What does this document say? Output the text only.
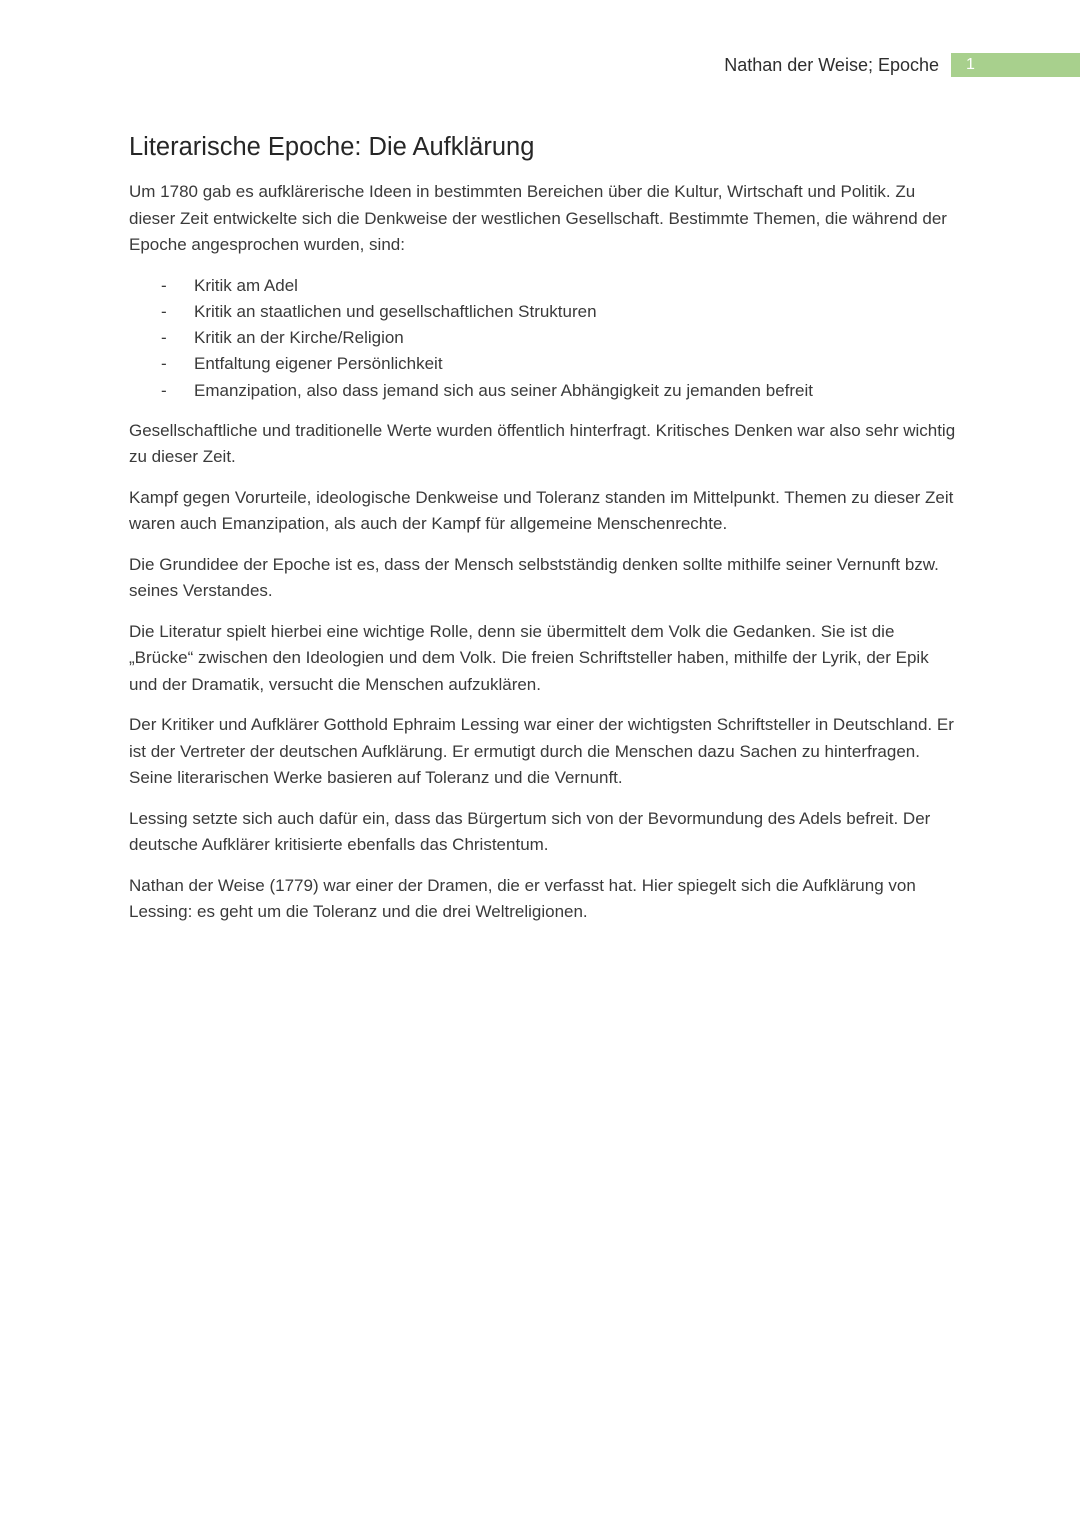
Nathan der Weise; Epoche	1
Literarische Epoche: Die Aufklärung

Um 1780 gab es aufklärerische Ideen in bestimmten Bereichen über die Kultur, Wirtschaft und Politik. Zu dieser Zeit entwickelte sich die Denkweise der westlichen Gesellschaft. Bestimmte Themen, die während der Epoche angesprochen wurden, sind:

- Kritik am Adel
- Kritik an staatlichen und gesellschaftlichen Strukturen
- Kritik an der Kirche/Religion
- Entfaltung eigener Persönlichkeit
- Emanzipation, also dass jemand sich aus seiner Abhängigkeit zu jemanden befreit

Gesellschaftliche und traditionelle Werte wurden öffentlich hinterfragt. Kritisches Denken war also sehr wichtig zu dieser Zeit.

Kampf gegen Vorurteile, ideologische Denkweise und Toleranz standen im Mittelpunkt. Themen zu dieser Zeit waren auch Emanzipation, als auch der Kampf für allgemeine Menschenrechte.

Die Grundidee der Epoche ist es, dass der Mensch selbstständig denken sollte mithilfe seiner Vernunft bzw. seines Verstandes.

Die Literatur spielt hierbei eine wichtige Rolle, denn sie übermittelt dem Volk die Gedanken. Sie ist die „Brücke“ zwischen den Ideologien und dem Volk. Die freien Schriftsteller haben, mithilfe der Lyrik, der Epik und der Dramatik, versucht die Menschen aufzuklären.

Der Kritiker und Aufklärer Gotthold Ephraim Lessing war einer der wichtigsten Schriftsteller in Deutschland. Er ist der Vertreter der deutschen Aufklärung. Er ermutigt durch die Menschen dazu Sachen zu hinterfragen. Seine literarischen Werke basieren auf Toleranz und die Vernunft.

Lessing setzte sich auch dafür ein, dass das Bürgertum sich von der Bevormundung des Adels befreit. Der deutsche Aufklärer kritisierte ebenfalls das Christentum.

Nathan der Weise (1779) war einer der Dramen, die er verfasst hat. Hier spiegelt sich die Aufklärung von Lessing: es geht um die Toleranz und die drei Weltreligionen.
